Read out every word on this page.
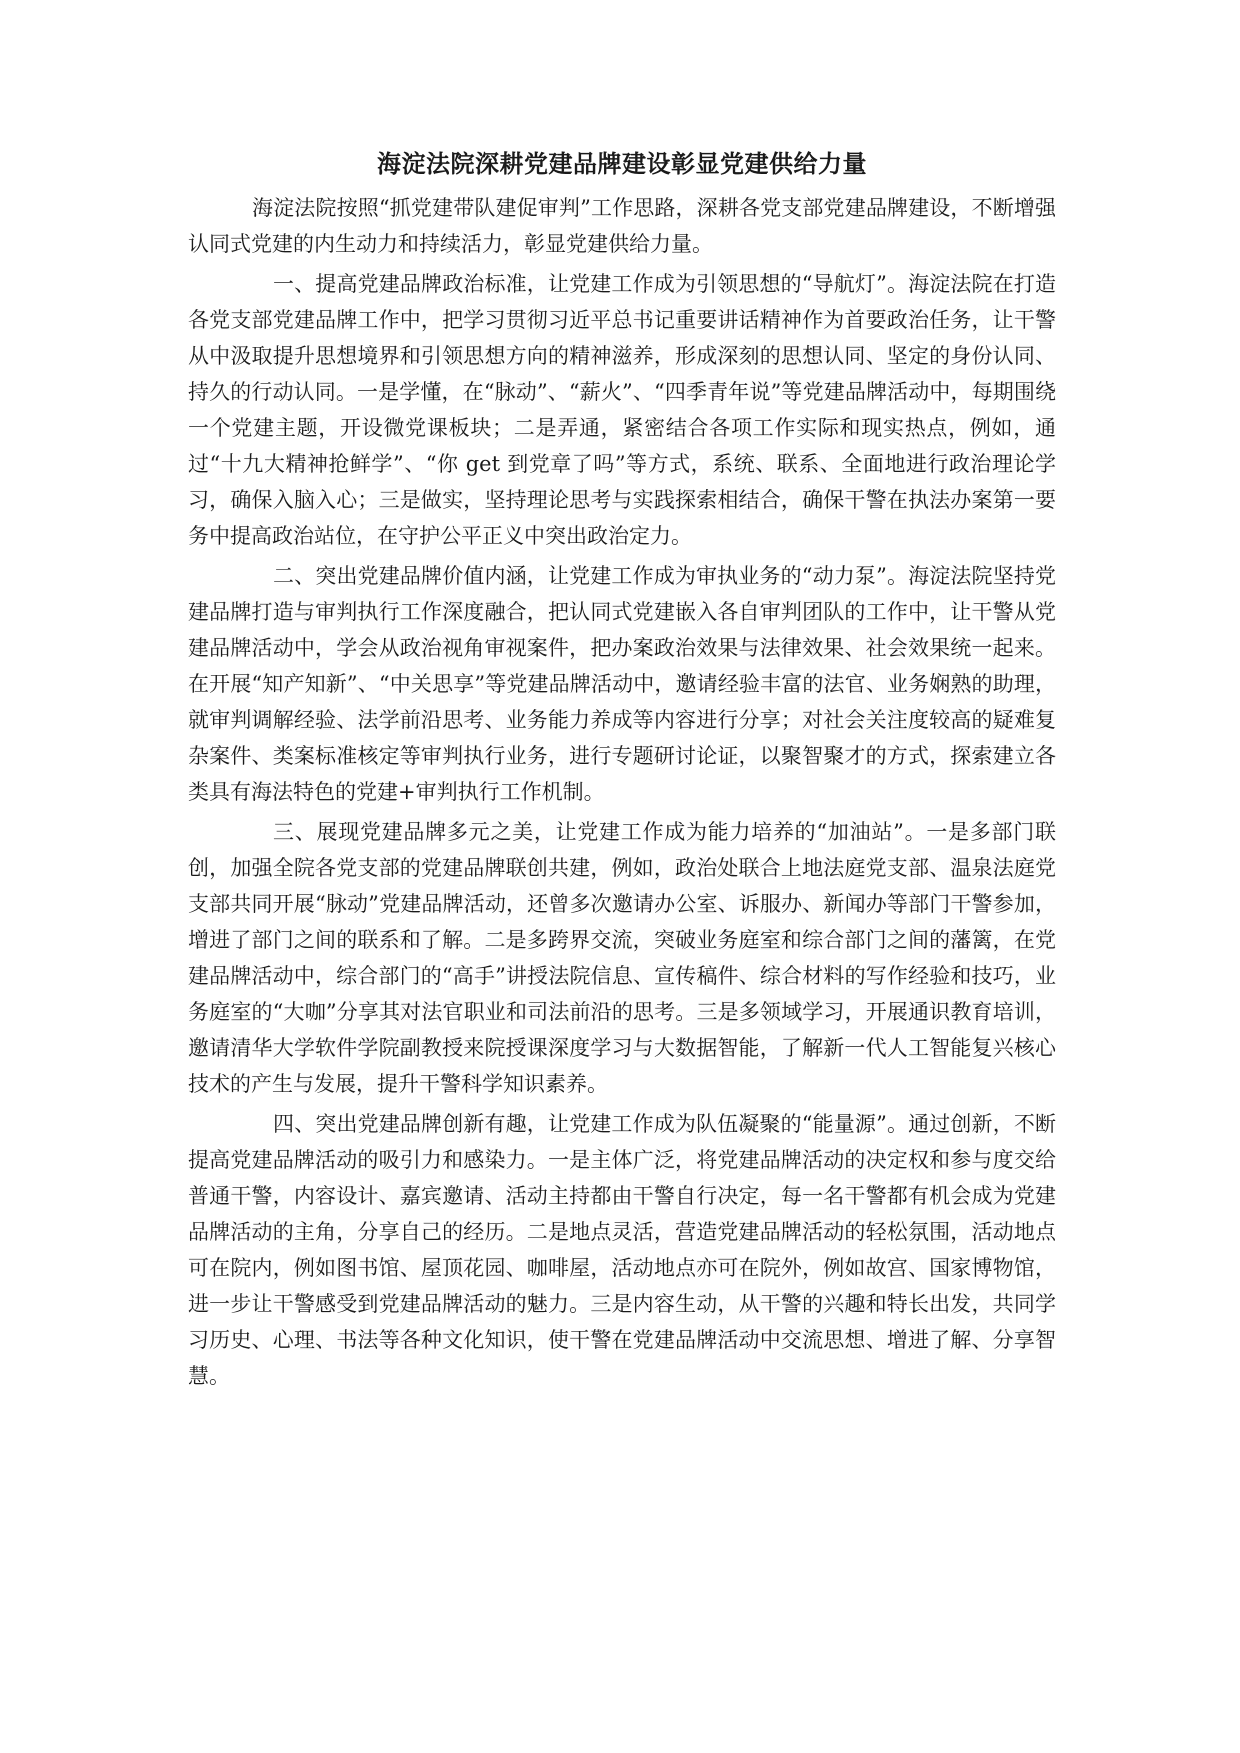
海淀法院深耕党建品牌建设彰显党建供给力量

海淀法院按照“抓党建带队建促审判”工作思路，深耕各党支部党建品牌建设，不断增强认同式党建的内生动力和持续活力，彰显党建供给力量。

一、提高党建品牌政治标准，让党建工作成为引领思想的“导航灯”。海淀法院在打造各党支部党建品牌工作中，把学习贯彻习近平总书记重要讲话精神作为首要政治任务，让干警从中汲取提升思想境界和引领思想方向的精神滋养，形成深刻的思想认同、坚定的身份认同、持久的行动认同。一是学懂，在“脉动”、“薪火”、“四季青年说”等党建品牌活动中，每期围绕一个党建主题，开设微党课板块；二是弄通，紧密结合各项工作实际和现实热点，例如，通过“十九大精神抢鲜学”、“你 get 到党章了吗”等方式，系统、联系、全面地进行政治理论学习，确保入脑入心；三是做实，坚持理论思考与实践探索相结合，确保干警在执法办案第一要务中提高政治站位，在守护公平正义中突出政治定力。

二、突出党建品牌价值内涵，让党建工作成为审执业务的“动力泵”。海淀法院坚持党建品牌打造与审判执行工作深度融合，把认同式党建嵌入各自审判团队的工作中，让干警从党建品牌活动中，学会从政治视角审视案件，把办案政治效果与法律效果、社会效果统一起来。在开展“知产知新”、“中关思享”等党建品牌活动中，邀请经验丰富的法官、业务娴熟的助理，就审判调解经验、法学前沿思考、业务能力养成等内容进行分享；对社会关注度较高的疑难复杂案件、类案标准核定等审判执行业务，进行专题研讨论证，以聚智聚才的方式，探索建立各类具有海法特色的党建+审判执行工作机制。

三、展现党建品牌多元之美，让党建工作成为能力培养的“加油站”。一是多部门联创，加强全院各党支部的党建品牌联创共建，例如，政治处联合上地法庭党支部、温泉法庭党支部共同开展“脉动”党建品牌活动，还曾多次邀请办公室、诉服办、新闻办等部门干警参加，增进了部门之间的联系和了解。二是多跨界交流，突破业务庭室和综合部门之间的藩篱，在党建品牌活动中，综合部门的“高手”讲授法院信息、宣传稿件、综合材料的写作经验和技巧，业务庭室的“大咖”分享其对法官职业和司法前沿的思考。三是多领域学习，开展通识教育培训，邀请清华大学软件学院副教授来院授课深度学习与大数据智能，了解新一代人工智能复兴核心技术的产生与发展，提升干警科学知识素养。

四、突出党建品牌创新有趣，让党建工作成为队伍凝聚的“能量源”。通过创新，不断提高党建品牌活动的吸引力和感染力。一是主体广泛，将党建品牌活动的决定权和参与度交给普通干警，内容设计、嘉宾邀请、活动主持都由干警自行决定，每一名干警都有机会成为党建品牌活动的主角，分享自己的经历。二是地点灵活，营造党建品牌活动的轻松氛围，活动地点可在院内，例如图书馆、屋顶花园、咖啡屋，活动地点亦可在院外，例如故宫、国家博物馆，进一步让干警感受到党建品牌活动的魅力。三是内容生动，从干警的兴趣和特长出发，共同学习历史、心理、书法等各种文化知识，使干警在党建品牌活动中交流思想、增进了解、分享智慧。
